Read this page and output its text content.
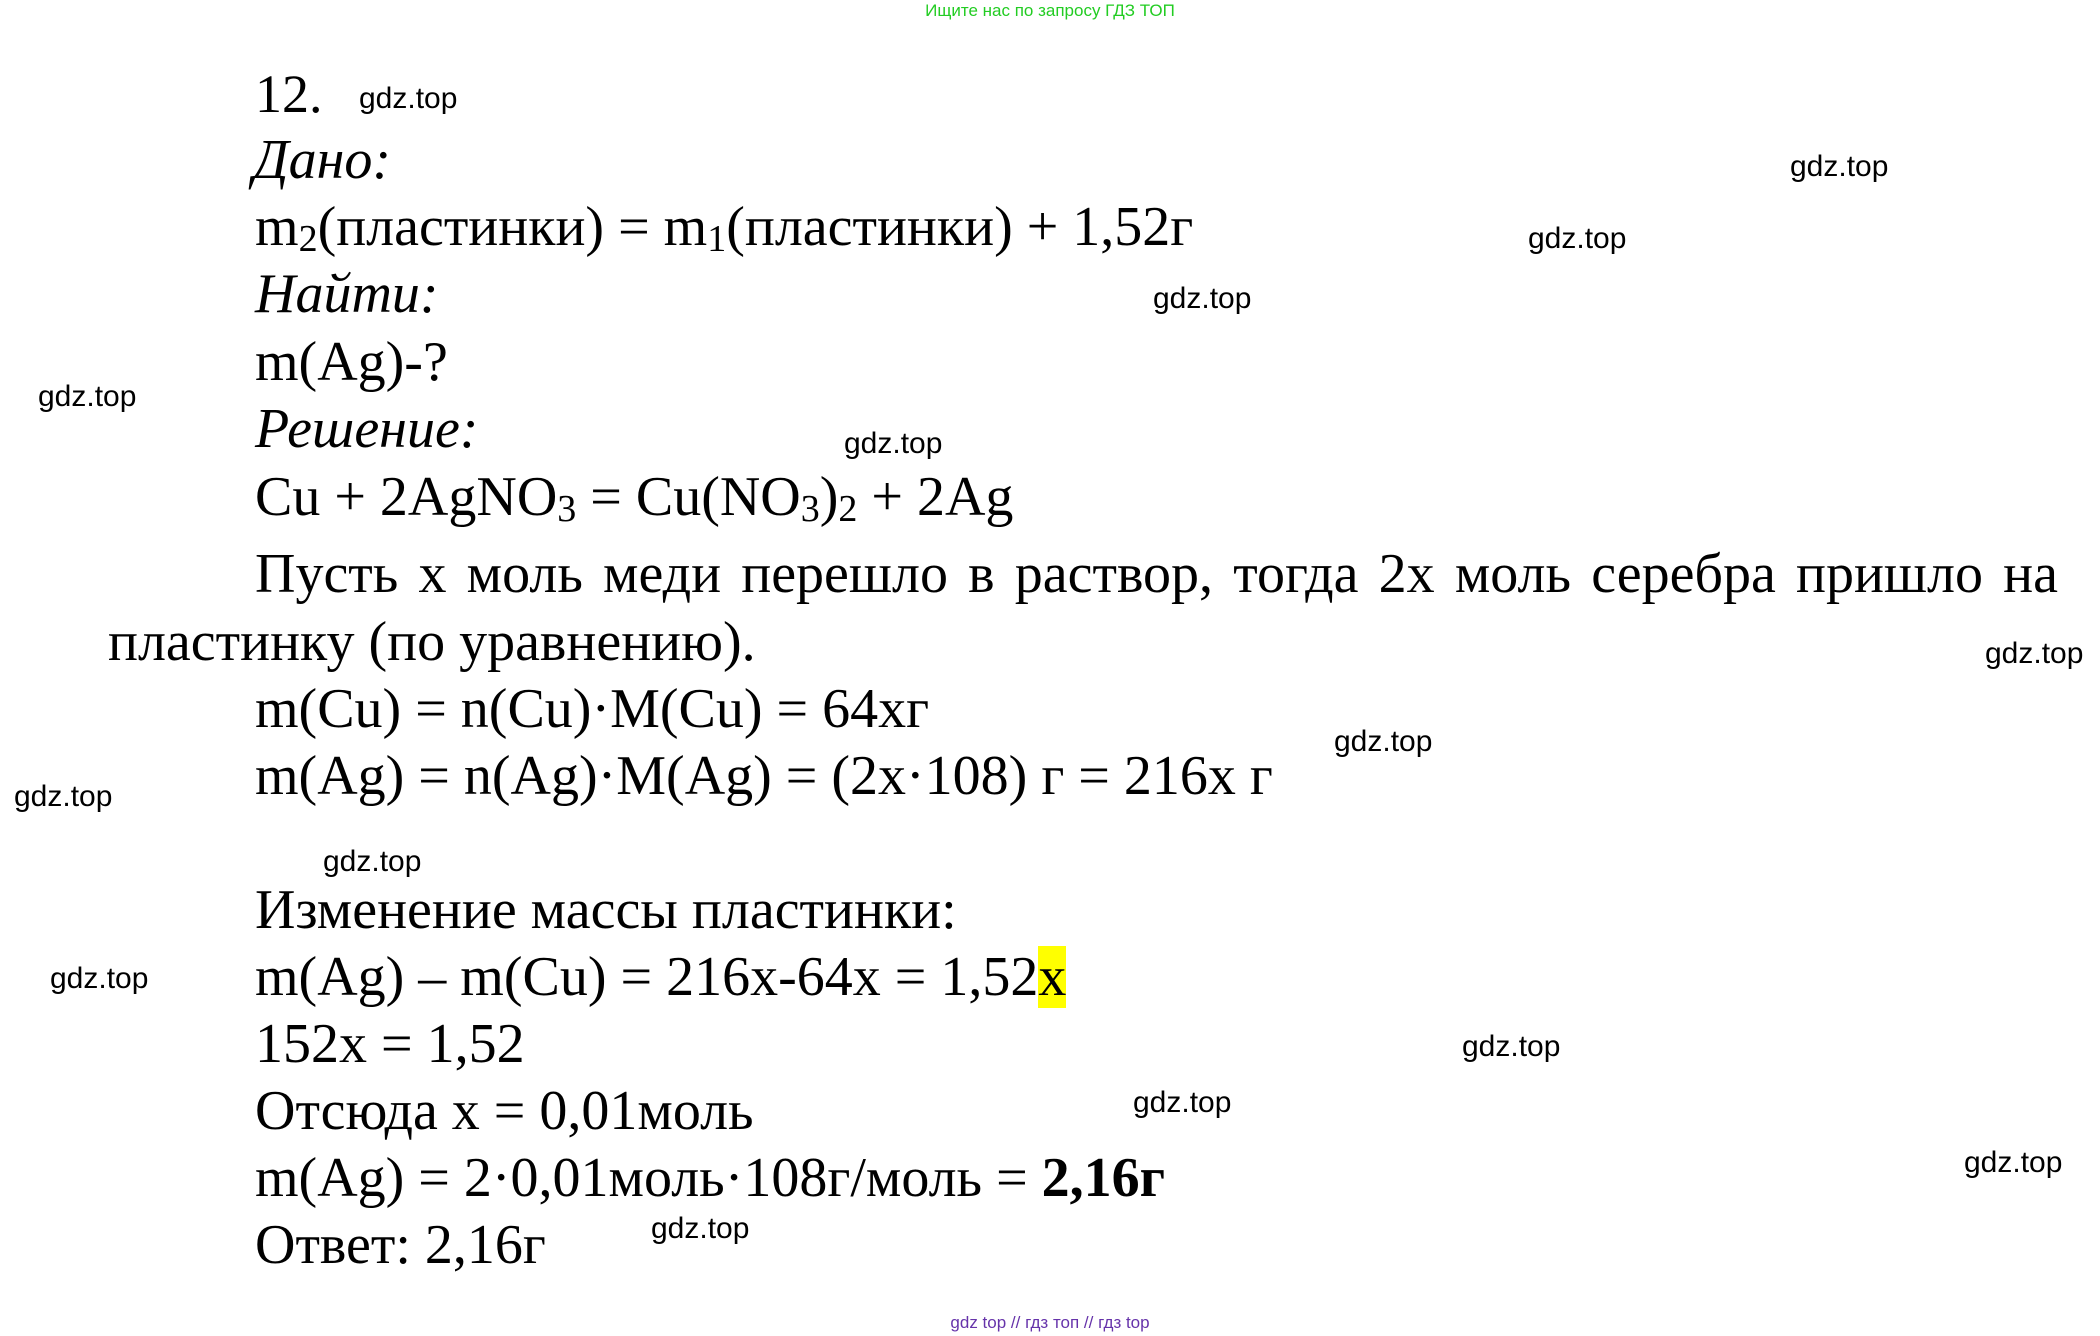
Ищите нас по запросу ГДЗ ТОП
12.
Дано:
$m_2(пластинки)$ = $m_1(пластинки) + 1,52г$
Найти:
m(Ag)-?
Решение:
Cu + 2AgNO$_3$ = $Cu(NO_3)_2 + 2Ag$
Пусть х моль меди перешло в раствор, тогда 2х моль серебра пришло на пластинку (по уравнению).
m(Cu) = n(Cu)·M(Cu) = 64хг
m(Ag) = n(Ag)·M(Ag) = (2х·108) г = 216х г
Изменение массы пластинки:
m(Ag) – m(Cu) = 216х-64х = 1,52х
152х = 1,52
Отсюда х = 0,01моль
m(Ag) = 2·0,01моль·108г/моль = 2,16г
Ответ: 2,16г
gdz.top
gdz.top
gdz.top
gdz.top
gdz.top
gdz.top
gdz.top
gdz.top
gdz.top
gdz.top
gdz.top
gdz.top
gdz.top
gdz.top
gdz.top
gdz top // гдз топ // гдз top
